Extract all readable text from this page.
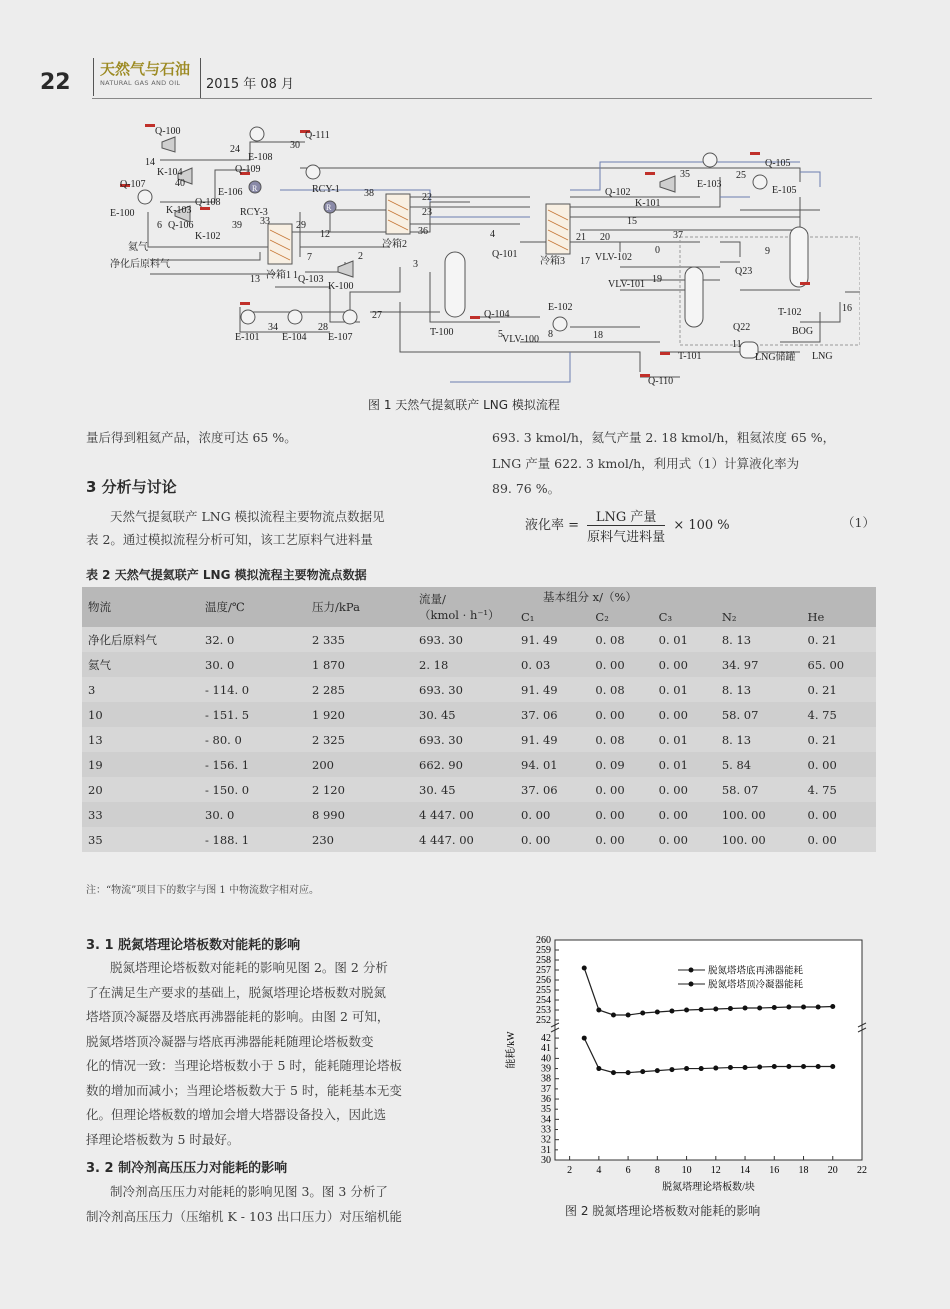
22
天然气与石油
NATURAL GAS AND OIL	2015 年 08 月
Q-100	Q-111
24	30
E-108
14
K-104	Q-109
Q-107	40
E-106 R
Q-108
E-100	K-103
39
RCY-3
6 Q-106
K-102
33
氦气
净化后原料气
13 冷箱1 1 Q-103
K-100
7	2
29
12
RCY-1 38
R
22
23
36
冷箱2
3
4
Q-101
冷箱3 17
21 20
0
VLV-102
19
VLV-101
35
E-103
25
Q-105
E-105
Q-102
K-101
15
37
9
Q23
16
T-102
BOG
T-100
Q-104
E-102
5 VLV-100 8	18
E-101
34
E-104
28
E-107
27
T-101
Q22
11
LNG储罐 LNG
Q-110
图 1 天然气提氦联产 LNG 模拟流程
量后得到粗氦产品，浓度可达 65 %。
3 分析与讨论
天然气提氦联产 LNG 模拟流程主要物流点数据见
表 2。通过模拟流程分析可知，该工艺原料气进料量
693. 3 kmol/h，氦气产量 2. 18 kmol/h，粗氦浓度 65 %，
LNG 产量 622. 3 kmol/h，利用式（1）计算液化率为
89. 76 %。
液化率 = $\frac{\text{LNG 产量}}{\text{原料气进料量}} \times 100$ %	（1）
表 2 天然气提氦联产 LNG 模拟流程主要物流点数据
物流	温度/℃	压力/kPa	流量/
（kmol · h⁻¹）	基本组分 x/（%）				
				C₁	C₂	C₃	N₂	He
净化后原料气	32. 0	2 335	693. 30	91. 49	0. 08	0. 01	8. 13	0. 21
氦气	30. 0	1 870	2. 18	0. 03	0. 00	0. 00	34. 97	65. 00
3	- 114. 0	2 285	693. 30	91. 49	0. 08	0. 01	8. 13	0. 21
10	- 151. 5	1 920	30. 45	37. 06	0. 00	0. 00	58. 07	4. 75
13	- 80. 0	2 325	693. 30	91. 49	0. 08	0. 01	8. 13	0. 21
19	- 156. 1	200	662. 90	94. 01	0. 09	0. 01	5. 84	0. 00
20	- 150. 0	2 120	30. 45	37. 06	0. 00	0. 00	58. 07	4. 75
33	30. 0	8 990	4 447. 00	0. 00	0. 00	0. 00	100. 00	0. 00
35	- 188. 1	230	4 447. 00	0. 00	0. 00	0. 00	100. 00	0. 00
注：“物流”项目下的数字与图 1 中物流数字相对应。
3. 1 脱氮塔理论塔板数对能耗的影响
脱氮塔理论塔板数对能耗的影响见图 2。图 2 分析
了在满足生产要求的基础上，脱氮塔理论塔板数对脱氮
塔塔顶冷凝器及塔底再沸器能耗的影响。由图 2 可知，
脱氮塔塔顶冷凝器与塔底再沸器能耗随理论塔板数变
化的情况一致：当理论塔板数小于 5 时，能耗随理论塔板
数的增加而减小；当理论塔板数大于 5 时，能耗基本无变
化。但理论塔板数的增加会增大塔器设备投入，因此选
择理论塔板数为 5 时最好。
3. 2 制冷剂高压压力对能耗的影响
制冷剂高压压力对能耗的影响见图 3。图 3 分析了
制冷剂高压压力（压缩机 K - 103 出口压力）对压缩机能
2 4 6 8 10 12 14 16 18 20 22
252
253
254
255
256
257
258
259
260
30
32
34
36
38
40
42
31
33
35
37
39
41
脱氮塔理论塔板数/块
能耗/kW
脱氮塔塔底再沸器能耗
脱氮塔塔顶冷凝器能耗
图 2 脱氮塔理论塔板数对能耗的影响
